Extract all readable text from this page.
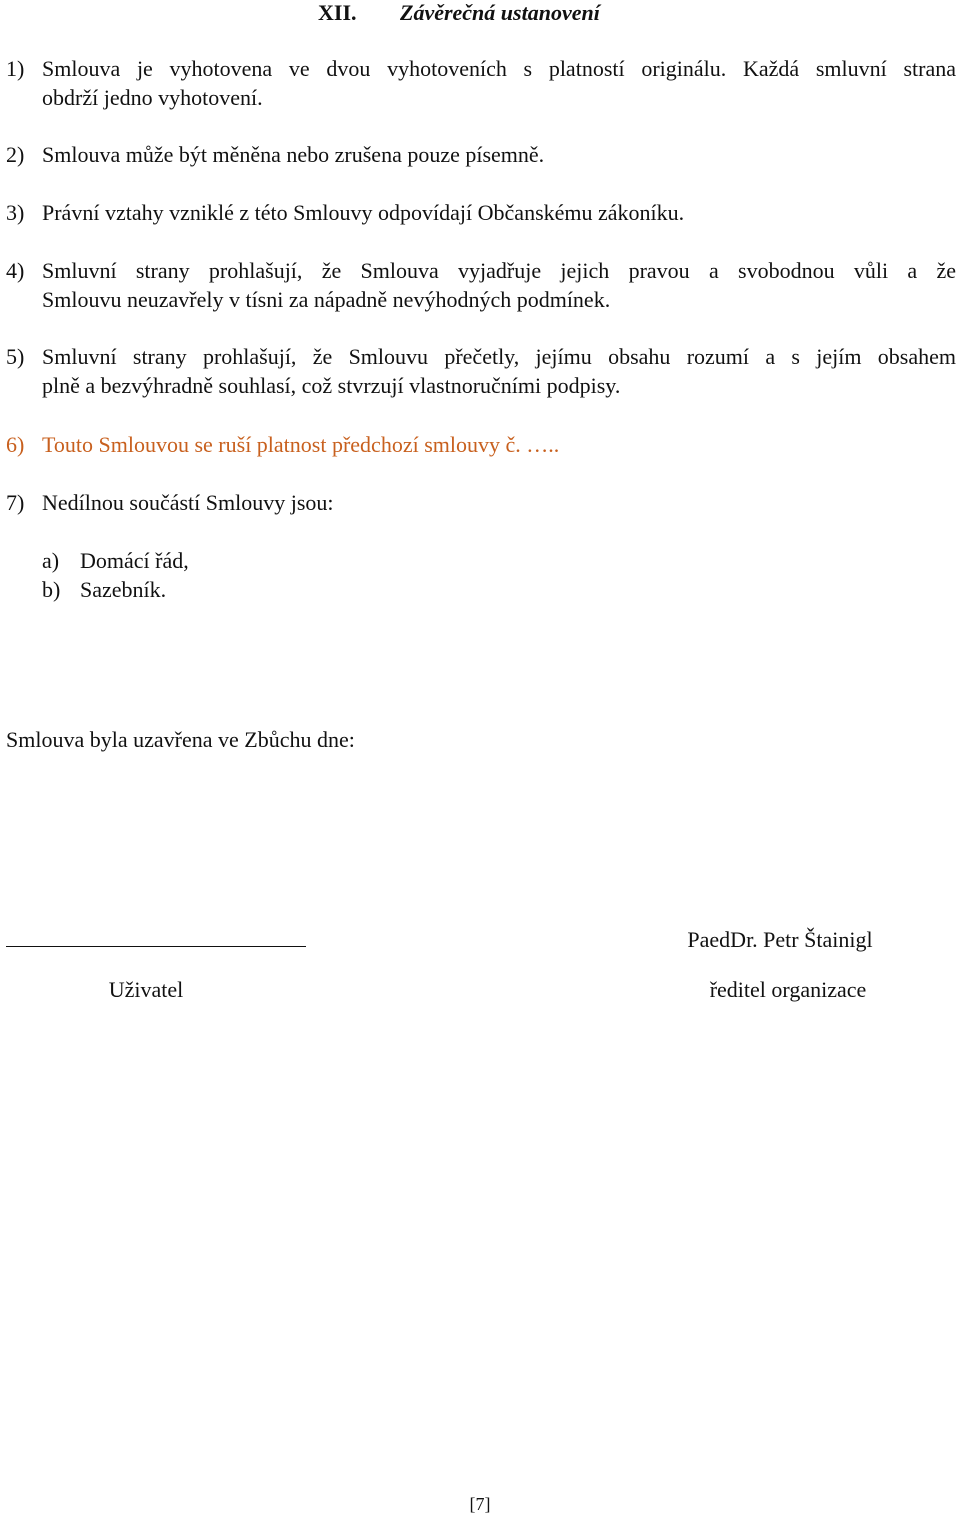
XII. Závěrečná ustanovení
1) Smlouva je vyhotovena ve dvou vyhotoveních s platností originálu. Každá smluvní strana
obdrží jedno vyhotovení.
2) Smlouva může být měněna nebo zrušena pouze písemně.
3) Právní vztahy vzniklé z této Smlouvy odpovídají Občanskému zákoníku.
4) Smluvní strany prohlašují, že Smlouva vyjadřuje jejich pravou a svobodnou vůli a že
Smlouvu neuzavřely v tísni za nápadně nevýhodných podmínek.
5) Smluvní strany prohlašují, že Smlouvu přečetly, jejímu obsahu rozumí a s jejím obsahem
plně a bezvýhradně souhlasí, což stvrzují vlastnoručními podpisy.
6) Touto Smlouvou se ruší platnost předchozí smlouvy č. …..
7) Nedílnou součástí Smlouvy jsou:
a) Domácí řád,
b) Sazebník.
Smlouva byla uzavřena ve Zbůchu dne:
Uživatel
PaedDr. Petr Štainigl
ředitel organizace
[7]
